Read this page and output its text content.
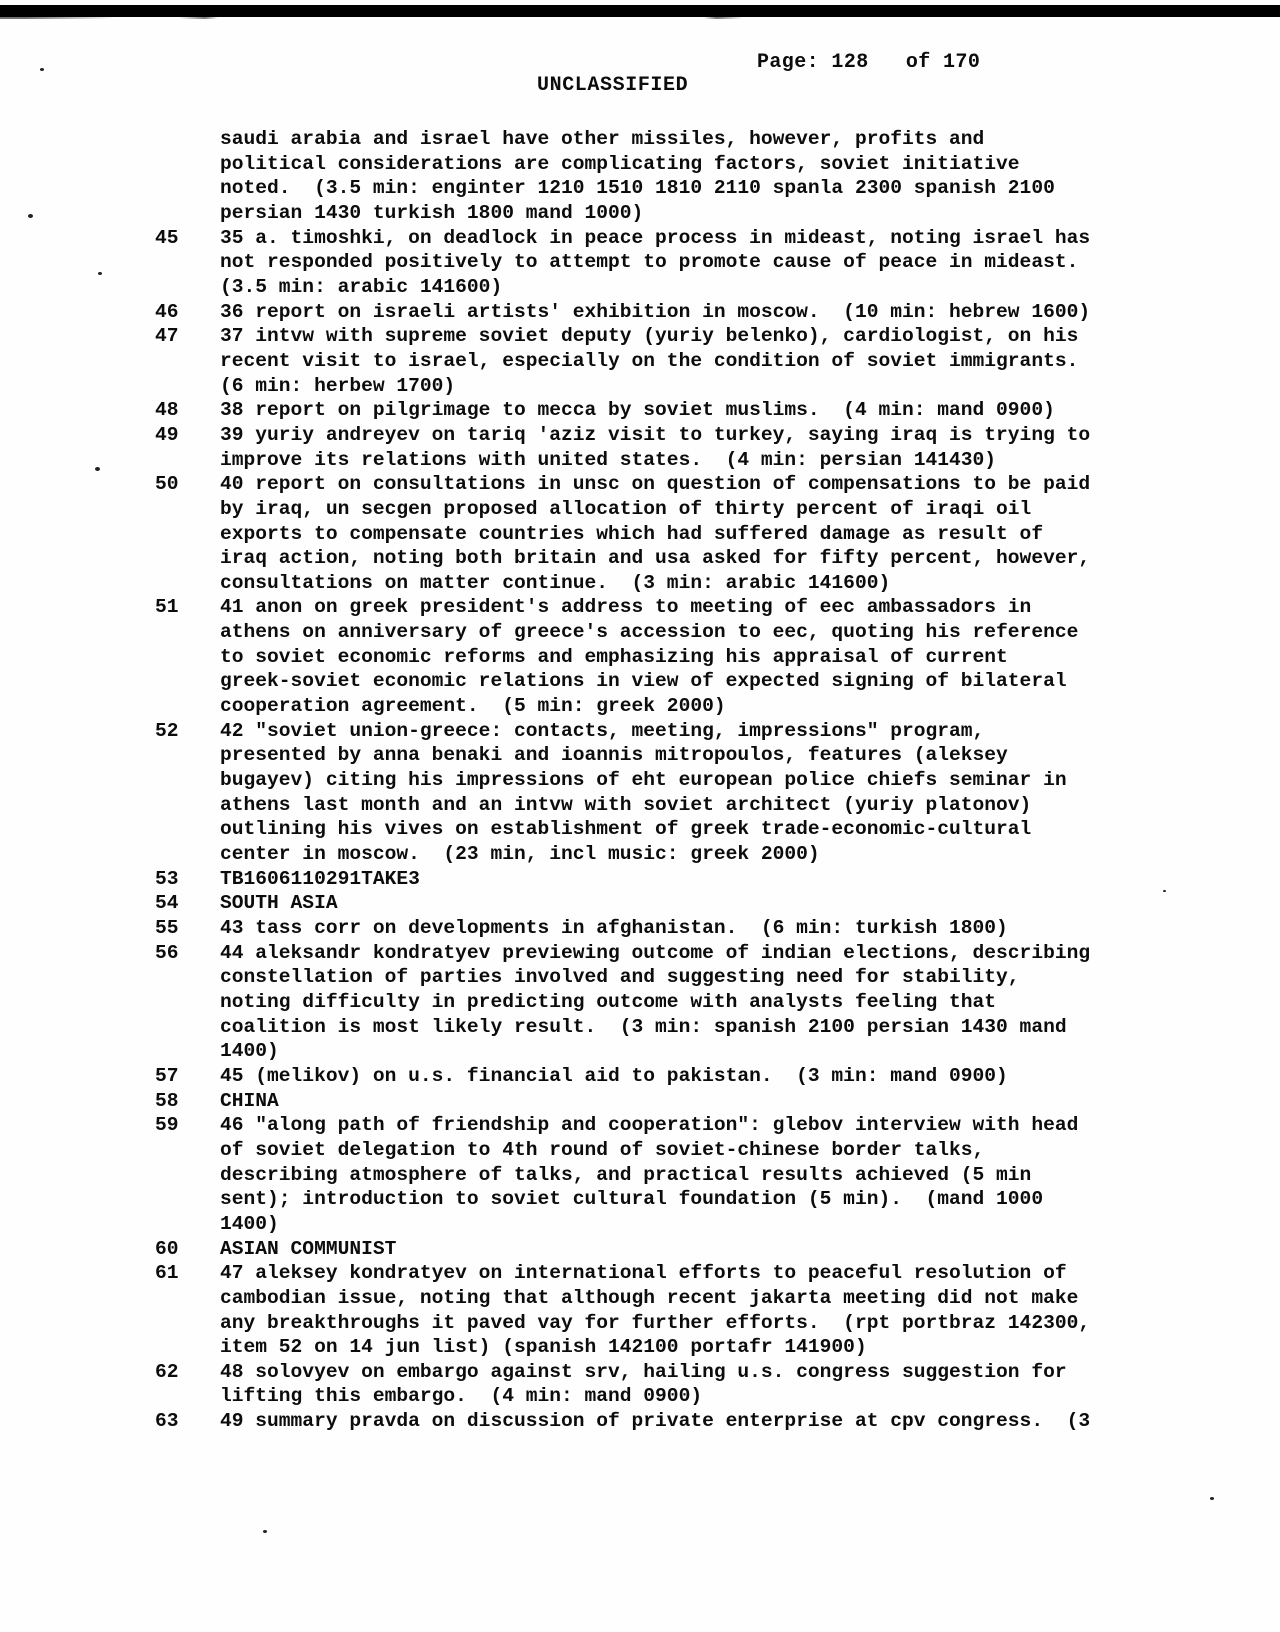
Page: 128   of 170
UNCLASSIFIED
saudi arabia and israel have other missiles, however, profits and
political considerations are complicating factors, soviet initiative
noted.  (3.5 min: enginter 1210 1510 1810 2110 spanla 2300 spanish 2100
persian 1430 turkish 1800 mand 1000)
45	35 a. timoshki, on deadlock in peace process in mideast, noting israel has
not responded positively to attempt to promote cause of peace in mideast.
(3.5 min: arabic 141600)
46	36 report on israeli artists' exhibition in moscow.  (10 min: hebrew 1600)
47	37 intvw with supreme soviet deputy (yuriy belenko), cardiologist, on his
recent visit to israel, especially on the condition of soviet immigrants.
(6 min: herbew 1700)
48	38 report on pilgrimage to mecca by soviet muslims.  (4 min: mand 0900)
49	39 yuriy andreyev on tariq 'aziz visit to turkey, saying iraq is trying to
improve its relations with united states.  (4 min: persian 141430)
50	40 report on consultations in unsc on question of compensations to be paid
by iraq, un secgen proposed allocation of thirty percent of iraqi oil
exports to compensate countries which had suffered damage as result of
iraq action, noting both britain and usa asked for fifty percent, however,
consultations on matter continue.  (3 min: arabic 141600)
51	41 anon on greek president's address to meeting of eec ambassadors in
athens on anniversary of greece's accession to eec, quoting his reference
to soviet economic reforms and emphasizing his appraisal of current
greek-soviet economic relations in view of expected signing of bilateral
cooperation agreement.  (5 min: greek 2000)
52	42 "soviet union-greece: contacts, meeting, impressions" program,
presented by anna benaki and ioannis mitropoulos, features (aleksey
bugayev) citing his impressions of eht european police chiefs seminar in
athens last month and an intvw with soviet architect (yuriy platonov)
outlining his vives on establishment of greek trade-economic-cultural
center in moscow.  (23 min, incl music: greek 2000)
53	TB1606110291TAKE3
54	SOUTH ASIA
55	43 tass corr on developments in afghanistan.  (6 min: turkish 1800)
56	44 aleksandr kondratyev previewing outcome of indian elections, describing
constellation of parties involved and suggesting need for stability,
noting difficulty in predicting outcome with analysts feeling that
coalition is most likely result.  (3 min: spanish 2100 persian 1430 mand
1400)
57	45 (melikov) on u.s. financial aid to pakistan.  (3 min: mand 0900)
58	CHINA
59	46 "along path of friendship and cooperation": glebov interview with head
of soviet delegation to 4th round of soviet-chinese border talks,
describing atmosphere of talks, and practical results achieved (5 min
sent); introduction to soviet cultural foundation (5 min).  (mand 1000
1400)
60	ASIAN COMMUNIST
61	47 aleksey kondratyev on international efforts to peaceful resolution of
cambodian issue, noting that although recent jakarta meeting did not make
any breakthroughs it paved vay for further efforts.  (rpt portbraz 142300,
item 52 on 14 jun list) (spanish 142100 portafr 141900)
62	48 solovyev on embargo against srv, hailing u.s. congress suggestion for
lifting this embargo.  (4 min: mand 0900)
63	49 summary pravda on discussion of private enterprise at cpv congress.  (3
